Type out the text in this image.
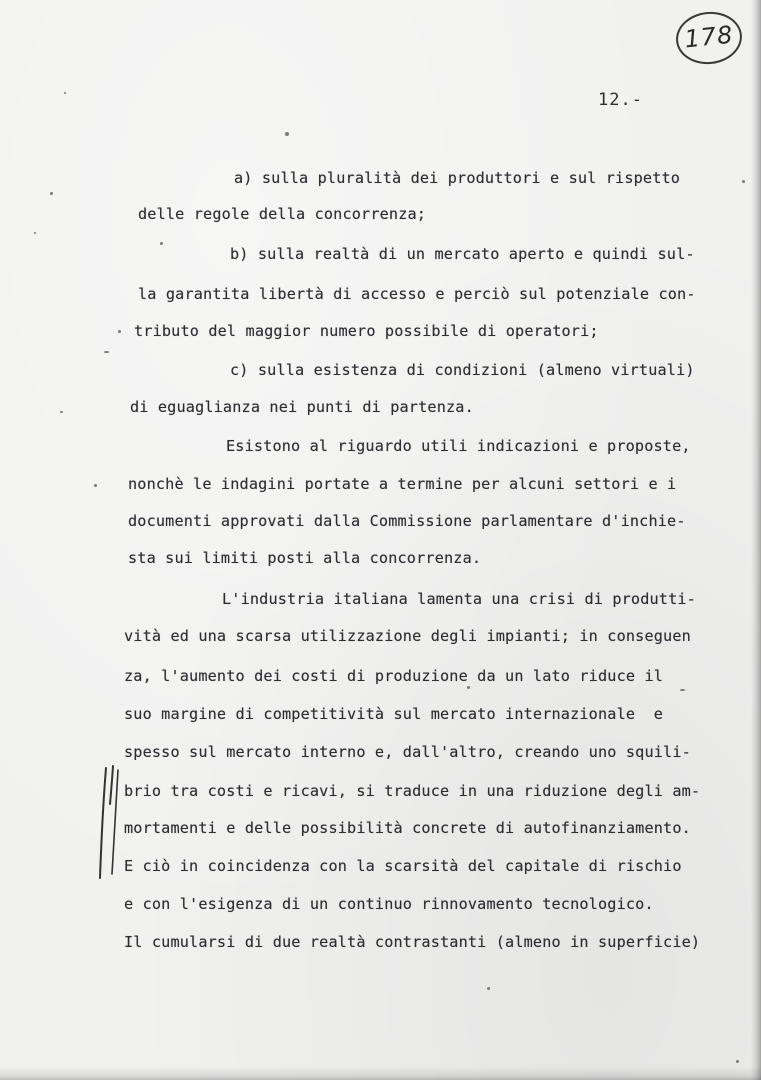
178
12.-
a) sulla pluralità dei produttori e sul rispetto
delle regole della concorrenza;
b) sulla realtà di un mercato aperto e quindi sul-
la garantita libertà di accesso e perciò sul potenziale con-
tributo del maggior numero possibile di operatori;
c) sulla esistenza di condizioni (almeno virtuali)
di eguaglianza nei punti di partenza.
Esistono al riguardo utili indicazioni e proposte,
nonchè le indagini portate a termine per alcuni settori e i
documenti approvati dalla Commissione parlamentare d'inchie-
sta sui limiti posti alla concorrenza.
L'industria italiana lamenta una crisi di produtti-
vità ed una scarsa utilizzazione degli impianti; in conseguen
za, l'aumento dei costi di produzione da un lato riduce il
suo margine di competitività sul mercato internazionale  e
spesso sul mercato interno e, dall'altro, creando uno squili-
brio tra costi e ricavi, si traduce in una riduzione degli am-
mortamenti e delle possibilità concrete di autofinanziamento.
E ciò in coincidenza con la scarsità del capitale di rischio
e con l'esigenza di un continuo rinnovamento tecnologico.
Il cumularsi di due realtà contrastanti (almeno in superficie)
